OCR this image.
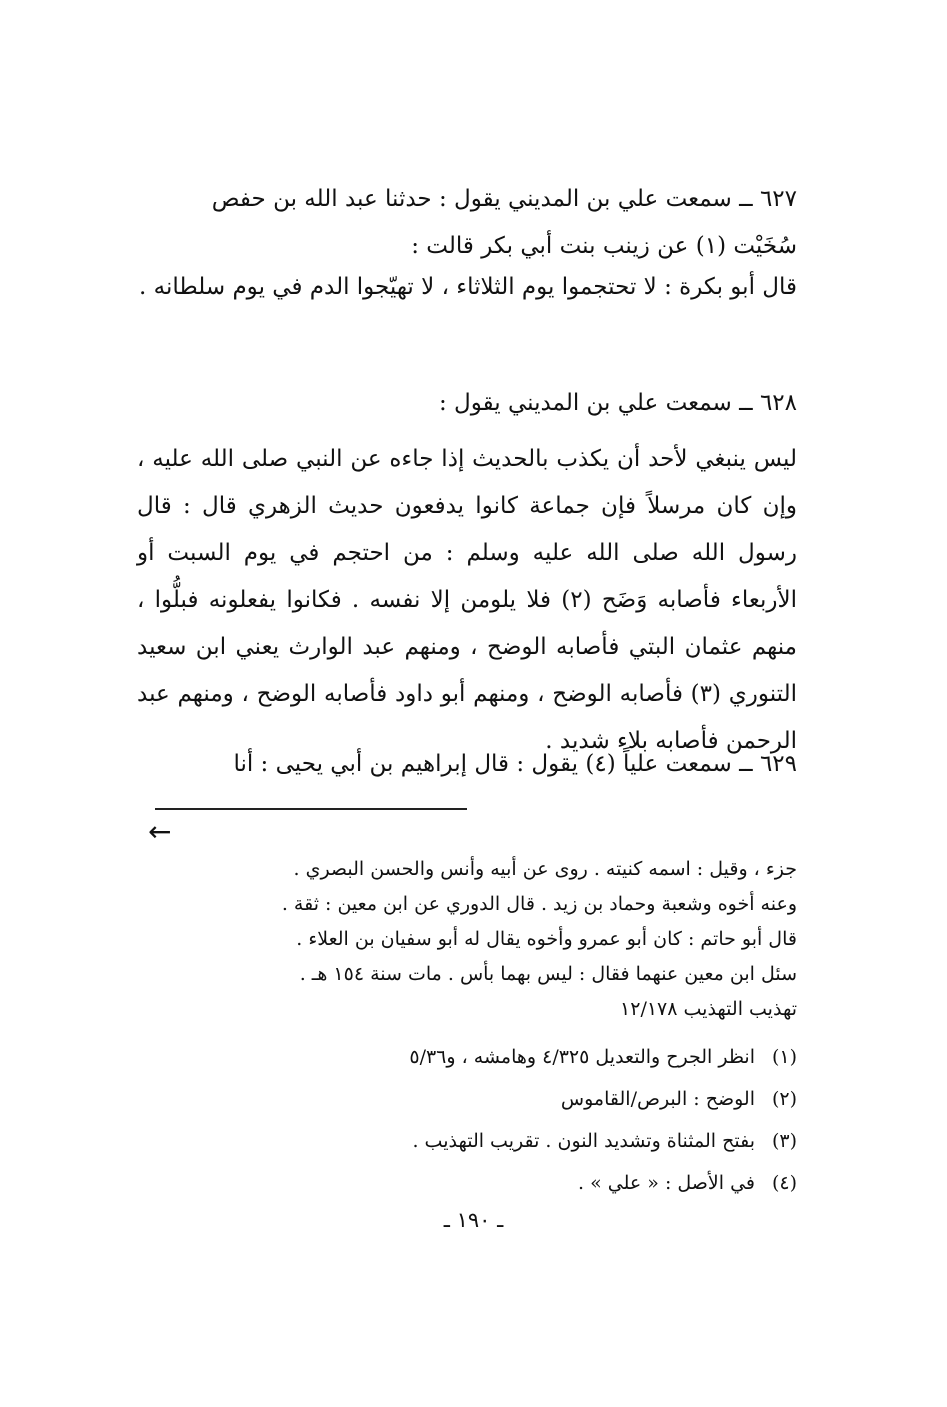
٦٢٧ ــ سمعت علي بن المديني يقول : حدثنا عبد الله بن حفص

سُخَيْت (١) عن زينب بنت أبي بكر قالت :

قال أبو بكرة : لا تحتجموا يوم الثلاثاء ، لا تهيّجوا الدم في يوم سلطانه .

٦٢٨ ــ سمعت علي بن المديني يقول :

ليس ينبغي لأحد أن يكذب بالحديث إذا جاءه عن النبي صلى الله عليه ، وإن كان مرسلاً فإن جماعة كانوا يدفعون حديث الزهري قال : قال رسول الله صلى الله عليه وسلم : من احتجم في يوم السبت أو الأربعاء فأصابه وَضَح (٢) فلا يلومن إلا نفسه . فكانوا يفعلونه فبلُّوا ، منهم عثمان البتي فأصابه الوضح ، ومنهم عبد الوارث يعني ابن سعيد التنوري (٣) فأصابه الوضح ، ومنهم أبو داود فأصابه الوضح ، ومنهم عبد الرحمن فأصابه بلاء شديد .

٦٢٩ ــ سمعت علياً (٤) يقول : قال إبراهيم بن أبي يحيى : أنا

←

جزء ، وقيل : اسمه كنيته . روى عن أبيه وأنس والحسن البصري .

وعنه أخوه وشعبة وحماد بن زيد . قال الدوري عن ابن معين : ثقة .

قال أبو حاتم : كان أبو عمرو وأخوه يقال له أبو سفيان بن العلاء .

سئل ابن معين عنهما فقال : ليس بهما بأس . مات سنة ١٥٤ هـ .

تهذيب التهذيب ١٢/١٧٨

(١)
انظر الجرح والتعديل ٤/٣٢٥ وهامشه ، و٥/٣٦
(٢)
الوضح : البرص/القاموس
(٣)
بفتح المثناة وتشديد النون . تقريب التهذيب .
(٤)
في الأصل : « علي » .
ـ ١٩٠ ـ
